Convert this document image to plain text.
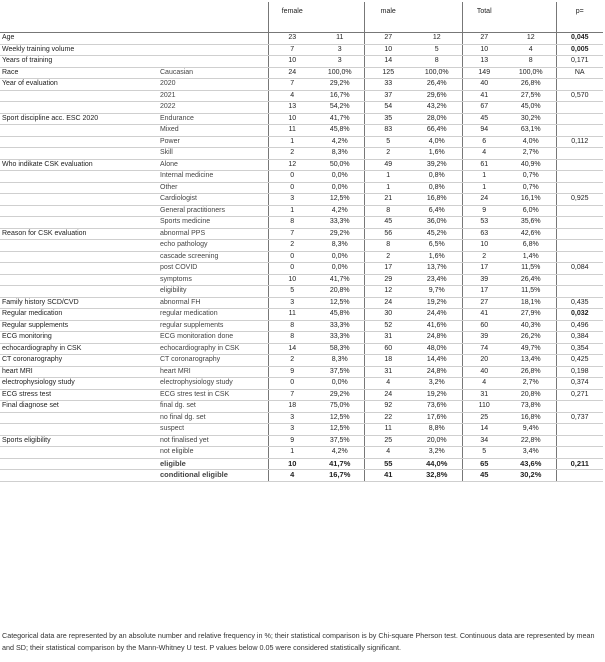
		female		male		Total		p=
Age		23	11	27	12	27	12	0,045
Weekly training volume		7	3	10	5	10	4	0,005
Years of training		10	3	14	8	13	8	0,171
Race	Caucasian	24	100,0%	125	100,0%	149	100,0%	NA
Year of evaluation	2020	7	29,2%	33	26,4%	40	26,8%	
	2021	4	16,7%	37	29,6%	41	27,5%	0,570
	2022	13	54,2%	54	43,2%	67	45,0%	
Sport discipline acc. ESC 2020	Endurance	10	41,7%	35	28,0%	45	30,2%	
	Mixed	11	45,8%	83	66,4%	94	63,1%	
	Power	1	4,2%	5	4,0%	6	4,0%	0,112
	Skill	2	8,3%	2	1,6%	4	2,7%	
Who indikate CSK evaluation	Alone	12	50,0%	49	39,2%	61	40,9%	
	Internal medicine	0	0,0%	1	0,8%	1	0,7%	
	Other	0	0,0%	1	0,8%	1	0,7%	
	Cardiologist	3	12,5%	21	16,8%	24	16,1%	0,925
	General practitioners	1	4,2%	8	6,4%	9	6,0%	
	Sports medicine	8	33,3%	45	36,0%	53	35,6%	
Reason for CSK evaluation	abnormal PPS	7	29,2%	56	45,2%	63	42,6%	
	echo pathology	2	8,3%	8	6,5%	10	6,8%	
	cascade screening	0	0,0%	2	1,6%	2	1,4%	
	post COVID	0	0,0%	17	13,7%	17	11,5%	0,084
	symptoms	10	41,7%	29	23,4%	39	26,4%	
	eligibility	5	20,8%	12	9,7%	17	11,5%	
Family history SCD/CVD	abnormal FH	3	12,5%	24	19,2%	27	18,1%	0,435
Regular medication	regular medication	11	45,8%	30	24,4%	41	27,9%	0,032
Regular supplements	regular supplements	8	33,3%	52	41,6%	60	40,3%	0,496
ECG monitoring	ECG monitoration done	8	33,3%	31	24,8%	39	26,2%	0,384
echocardiography in CSK	echocardiography in CSK	14	58,3%	60	48,0%	74	49,7%	0,354
CT coronarography	CT coronarography	2	8,3%	18	14,4%	20	13,4%	0,425
heart MRI	heart MRI	9	37,5%	31	24,8%	40	26,8%	0,198
electrophysiology study	electrophysiology study	0	0,0%	4	3,2%	4	2,7%	0,374
ECG stress test	ECG stres test in CSK	7	29,2%	24	19,2%	31	20,8%	0,271
Final diagnose set	final dg. set	18	75,0%	92	73,6%	110	73,8%	
	no final dg. set	3	12,5%	22	17,6%	25	16,8%	0,737
	suspect	3	12,5%	11	8,8%	14	9,4%	
Sports eligibility	not finalised yet	9	37,5%	25	20,0%	34	22,8%	
	not eligible	1	4,2%	4	3,2%	5	3,4%	
	eligible	10	41,7%	55	44,0%	65	43,6%	0,211
	conditional eligible	4	16,7%	41	32,8%	45	30,2%	
Categorical data are represented by an absolute number and relative frequency in %; their statistical comparison is by Chi-square Pherson test. Continuous data are represented by mean and SD; their statistical comparison by the Mann-Whitney U test. P values below 0.05 were considered statistically significant.
